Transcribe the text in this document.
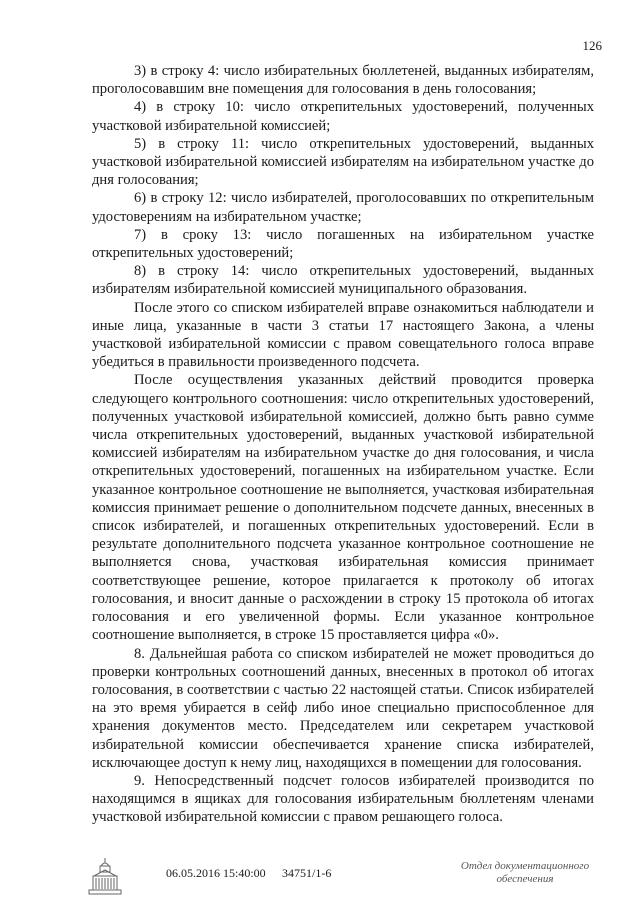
126

3) в строку 4: число избирательных бюллетеней, выданных избирателям, проголосовавшим вне помещения для голосования в день голосования;

4) в строку 10: число открепительных удостоверений, полученных участковой избирательной комиссией;

5) в строку 11: число открепительных удостоверений, выданных участковой избирательной комиссией избирателям на избирательном участке до дня голосования;

6) в строку 12: число избирателей, проголосовавших по открепительным удостоверениям на избирательном участке;

7) в сроку 13: число погашенных на избирательном участке открепительных удостоверений;

8) в строку 14: число открепительных удостоверений, выданных избирателям избирательной комиссией муниципального образования.

После этого со списком избирателей вправе ознакомиться наблюдатели и иные лица, указанные в части 3 статьи 17 настоящего Закона, а члены участковой избирательной комиссии с правом совещательного голоса вправе убедиться в правильности произведенного подсчета.

После осуществления указанных действий проводится проверка следующего контрольного соотношения: число открепительных удостоверений, полученных участковой избирательной комиссией, должно быть равно сумме числа открепительных удостоверений, выданных участковой избирательной комиссией избирателям на избирательном участке до дня голосования, и числа открепительных удостоверений, погашенных на избирательном участке. Если указанное контрольное соотношение не выполняется, участковая избирательная комиссия принимает решение о дополнительном подсчете данных, внесенных в список избирателей, и погашенных открепительных удостоверений. Если в результате дополнительного подсчета указанное контрольное соотношение не выполняется снова, участковая избирательная комиссия принимает соответствующее решение, которое прилагается к протоколу об итогах голосования, и вносит данные о расхождении в строку 15 протокола об итогах голосования и его увеличенной формы. Если указанное контрольное соотношение выполняется, в строке 15 проставляется цифра «0».

8. Дальнейшая работа со списком избирателей не может проводиться до проверки контрольных соотношений данных, внесенных в протокол об итогах голосования, в соответствии с частью 22 настоящей статьи. Список избирателей на это время убирается в сейф либо иное специально приспособленное для хранения документов место. Председателем или секретарем участковой избирательной комиссии обеспечивается хранение списка избирателей, исключающее доступ к нему лиц, находящихся в помещении для голосования.

9. Непосредственный подсчет голосов избирателей производится по находящимся в ящиках для голосования избирательным бюллетеням членами участковой избирательной комиссии с правом решающего голоса.

06.05.2016 15:40:00 34751/1-6	Отдел документационного
обеспечения
